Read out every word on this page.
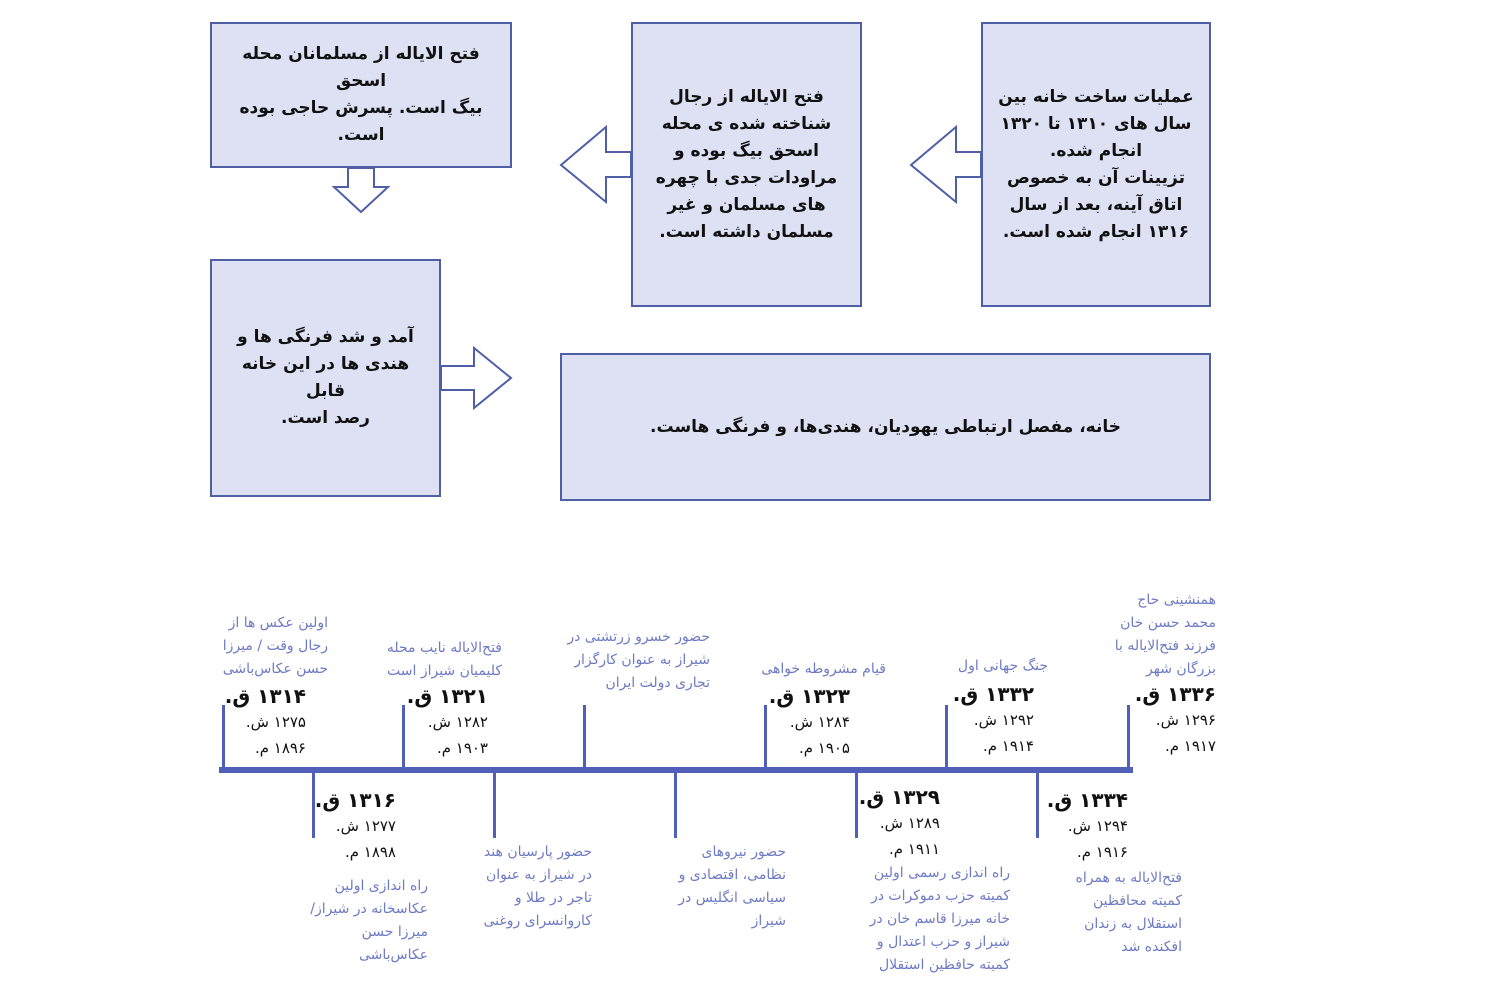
فتح الایاله از مسلمانان محله اسحق
بیگ است. پسرش حاجی بوده است.
فتح الایاله از رجال
شناخته شده ی محله
اسحق بیگ بوده و
مراودات جدی با چهره
های مسلمان و غیر
مسلمان داشته است.
عملیات ساخت خانه بین
سال های ۱۳۱۰ تا ۱۳۲۰
انجام شده.
تزیینات آن به خصوص
اتاق آینه، بعد از سال
۱۳۱۶ انجام شده است.
آمد و شد فرنگی ها و
هندی ها در این خانه قابل
رصد است.	خانه، مفصل ارتباطی یهودیان، هندی‌ها، و فرنگی هاست.
اولین عکس ها از
رجال وقت / میرزا
حسن عکاس‌باشی
۱۳۱۴ ق.
۱۲۷۵ ش.
۱۸۹۶ م.
فتح‌الایاله نایب محله
کلیمیان شیراز است
۱۳۲۱ ق.
۱۲۸۲ ش.
۱۹۰۳ م.
حضور خسرو زرتشتی در
شیراز به عنوان کارگزار
تجاری دولت ایران
قیام مشروطه خواهی
۱۳۲۳ ق.
۱۲۸۴ ش.
۱۹۰۵ م.
جنگ جهانی اول
۱۳۳۲ ق.
۱۲۹۲ ش.
۱۹۱۴ م.
همنشینی حاج
محمد حسن خان
فرزند فتح‌الایاله با
بزرگان شهر
۱۳۳۶ ق.
۱۲۹۶ ش.
۱۹۱۷ م.
۱۳۱۶ ق.
۱۲۷۷ ش.
۱۸۹۸ م.
راه اندازی اولین
عکاسخانه در شیراز/
میرزا حسن
عکاس‌باشی
حضور پارسیان هند
در شیراز به عنوان
تاجر در طلا و
کاروانسرای روغنی
حضور نیروهای
نظامی، اقتصادی و
سیاسی انگلیس در
شیراز
۱۳۲۹ ق.
۱۲۸۹ ش.
۱۹۱۱ م.
راه اندازی رسمی اولین
کمیته حزب دموکرات در
خانه میرزا قاسم خان در
شیراز و حزب اعتدال و
کمیته حافظین استقلال
۱۳۳۴ ق.
۱۲۹۴ ش.
۱۹۱۶ م.
فتح‌الایاله به همراه
کمیته محافظین
استقلال به زندان
افکنده شد
